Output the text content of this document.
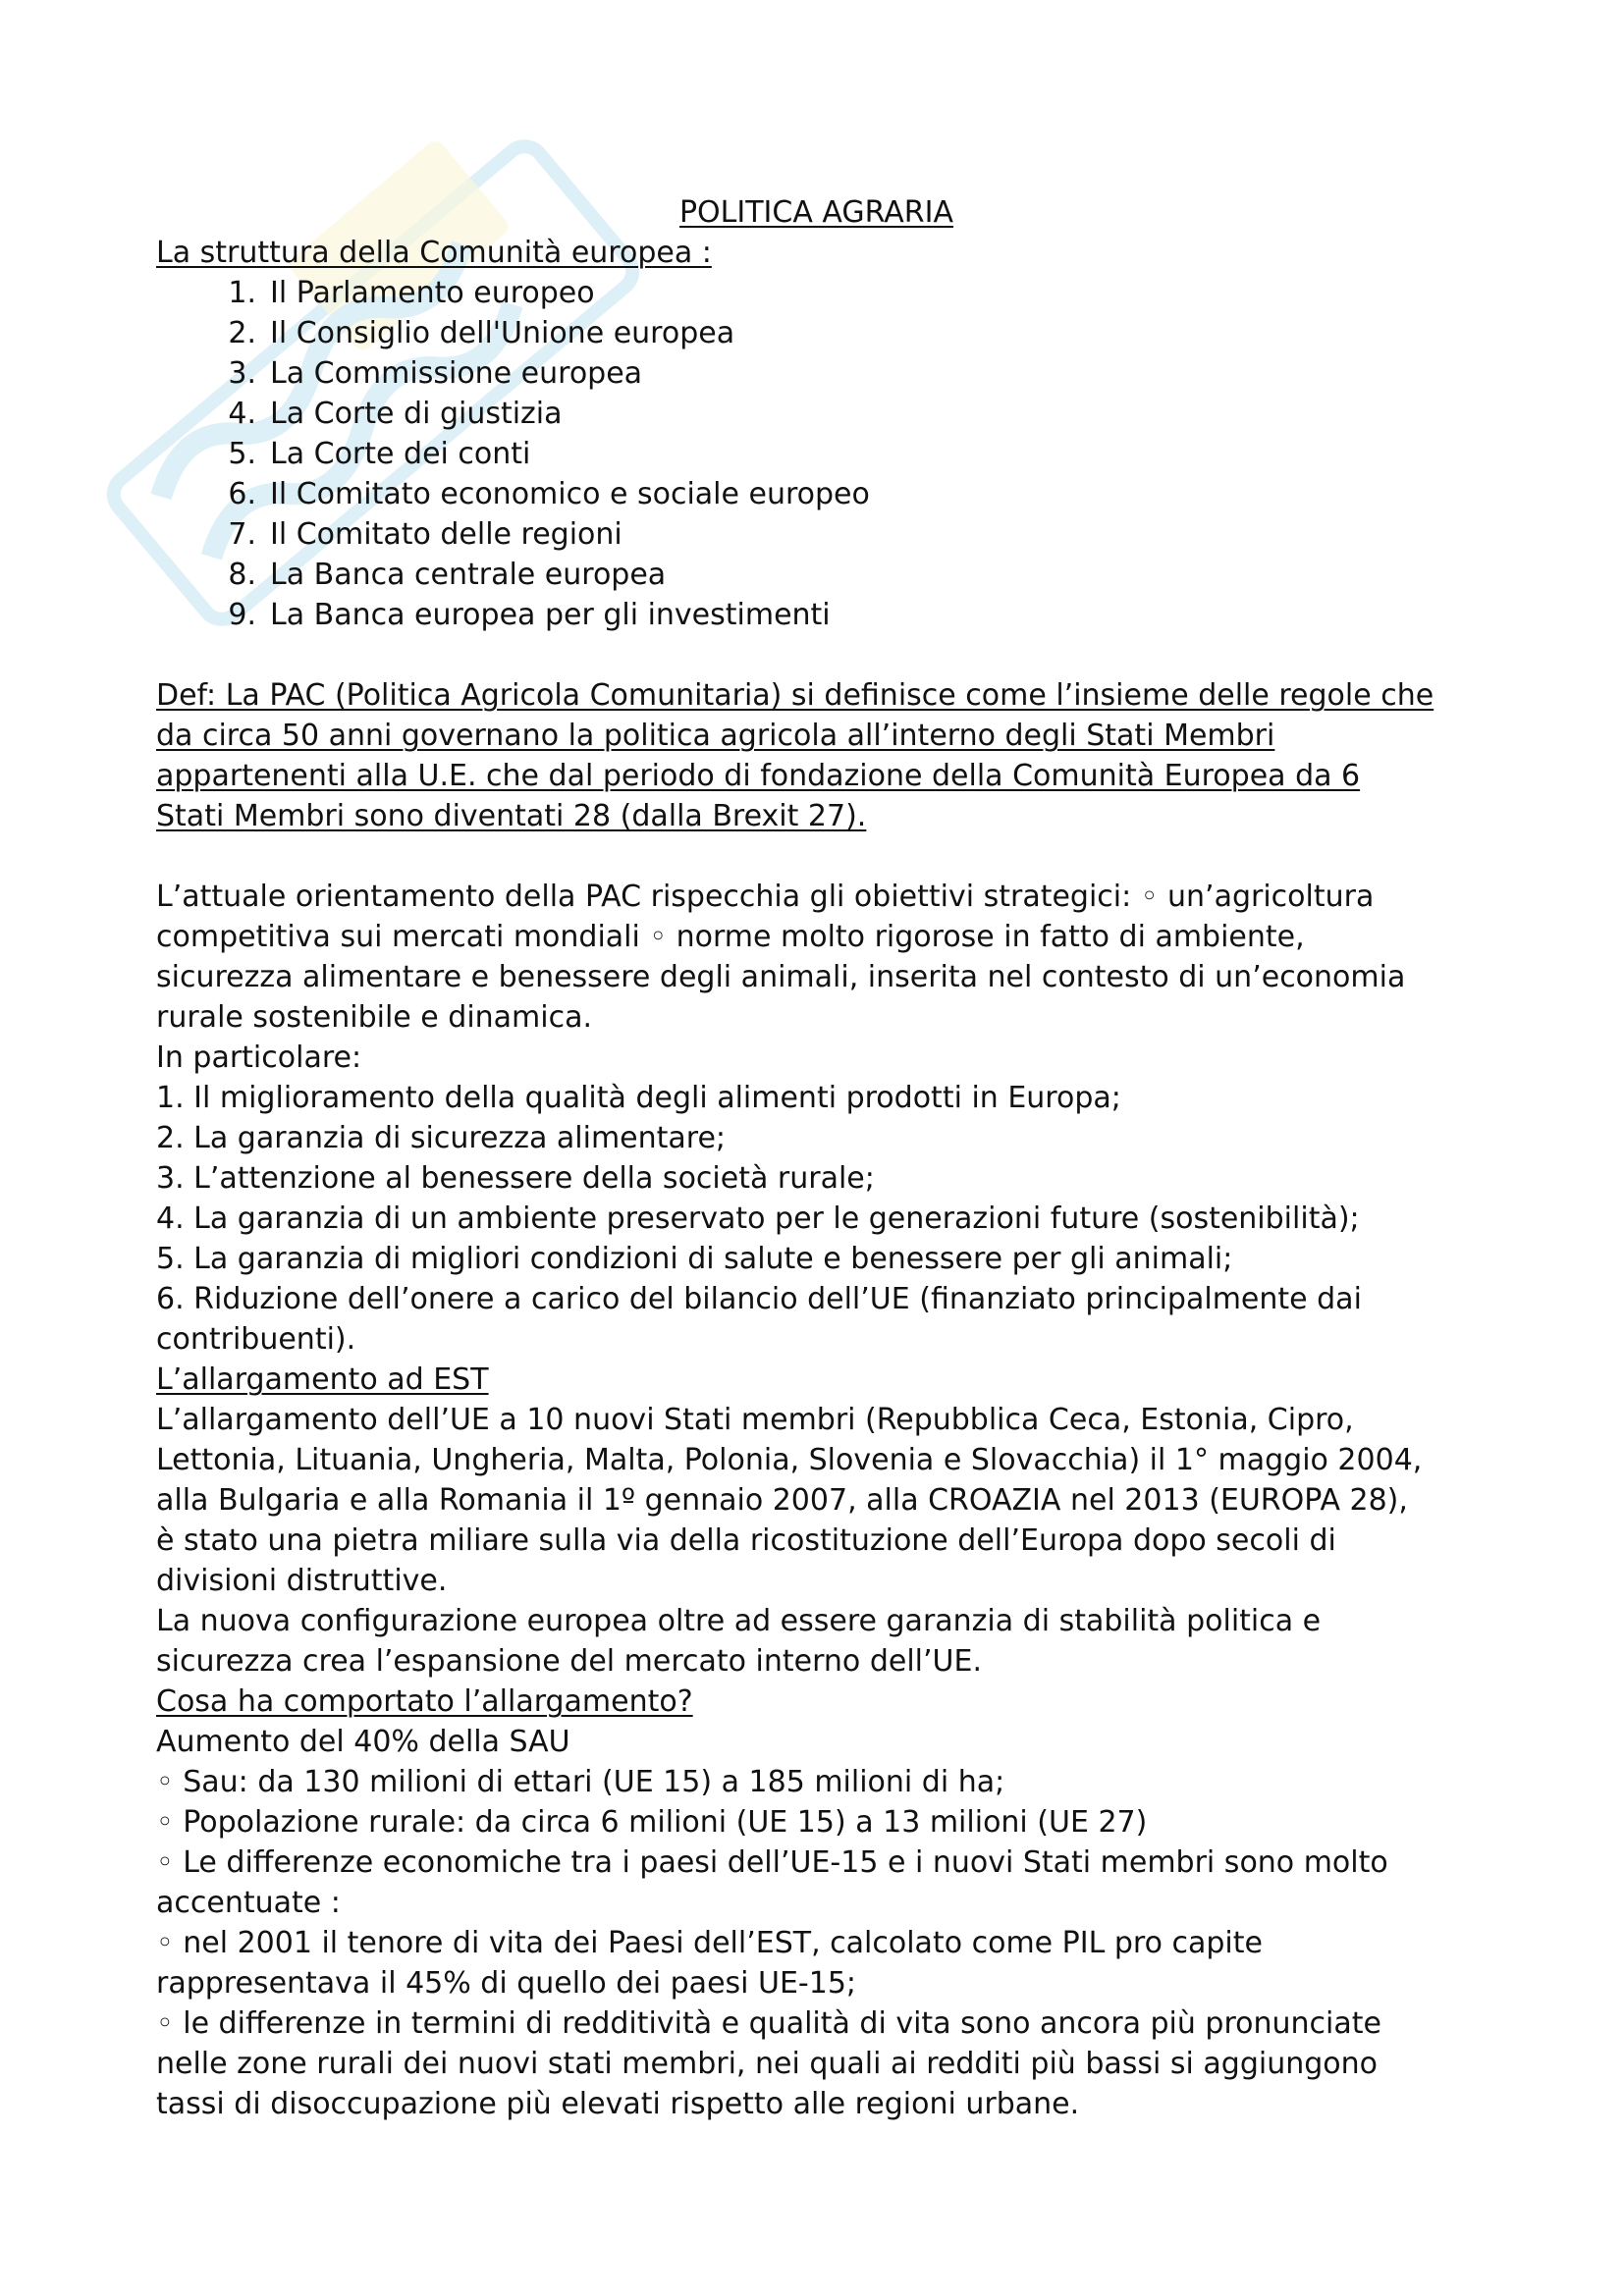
POLITICA AGRARIA

La struttura della Comunità europea :

1. Il Parlamento europeo
2. Il Consiglio dell'Unione europea
3. La Commissione europea
4. La Corte di giustizia
5. La Corte dei conti
6. Il Comitato economico e sociale europeo
7. Il Comitato delle regioni
8. La Banca centrale europea
9. La Banca europea per gli investimenti

Def: La PAC (Politica Agricola Comunitaria) si definisce come l’insieme delle regole che

da circa 50 anni governano la politica agricola all’interno degli Stati Membri

appartenenti alla U.E. che dal periodo di fondazione della Comunità Europea da 6

Stati Membri sono diventati 28 (dalla Brexit 27).

L’attuale orientamento della PAC rispecchia gli obiettivi strategici: ◦ un’agricoltura

competitiva sui mercati mondiali ◦ norme molto rigorose in fatto di ambiente,

sicurezza alimentare e benessere degli animali, inserita nel contesto di un’economia

rurale sostenibile e dinamica.

In particolare:

1. Il miglioramento della qualità degli alimenti prodotti in Europa;

2. La garanzia di sicurezza alimentare;

3. L’attenzione al benessere della società rurale;

4. La garanzia di un ambiente preservato per le generazioni future (sostenibilità);

5. La garanzia di migliori condizioni di salute e benessere per gli animali;

6. Riduzione dell’onere a carico del bilancio dell’UE (finanziato principalmente dai

contribuenti).

L’allargamento ad EST

L’allargamento dell’UE a 10 nuovi Stati membri (Repubblica Ceca, Estonia, Cipro,

Lettonia, Lituania, Ungheria, Malta, Polonia, Slovenia e Slovacchia) il 1° maggio 2004,

alla Bulgaria e alla Romania il 1º gennaio 2007, alla CROAZIA nel 2013 (EUROPA 28),

è stato una pietra miliare sulla via della ricostituzione dell’Europa dopo secoli di

divisioni distruttive.

La nuova configurazione europea oltre ad essere garanzia di stabilità politica e

sicurezza crea l’espansione del mercato interno dell’UE.

Cosa ha comportato l’allargamento?

Aumento del 40% della SAU

◦ Sau: da 130 milioni di ettari (UE 15) a 185 milioni di ha;

◦ Popolazione rurale: da circa 6 milioni (UE 15) a 13 milioni (UE 27)

◦ Le differenze economiche tra i paesi dell’UE-15 e i nuovi Stati membri sono molto

accentuate :

◦ nel 2001 il tenore di vita dei Paesi dell’EST, calcolato come PIL pro capite

rappresentava il 45% di quello dei paesi UE-15;

◦ le differenze in termini di redditività e qualità di vita sono ancora più pronunciate

nelle zone rurali dei nuovi stati membri, nei quali ai redditi più bassi si aggiungono

tassi di disoccupazione più elevati rispetto alle regioni urbane.
